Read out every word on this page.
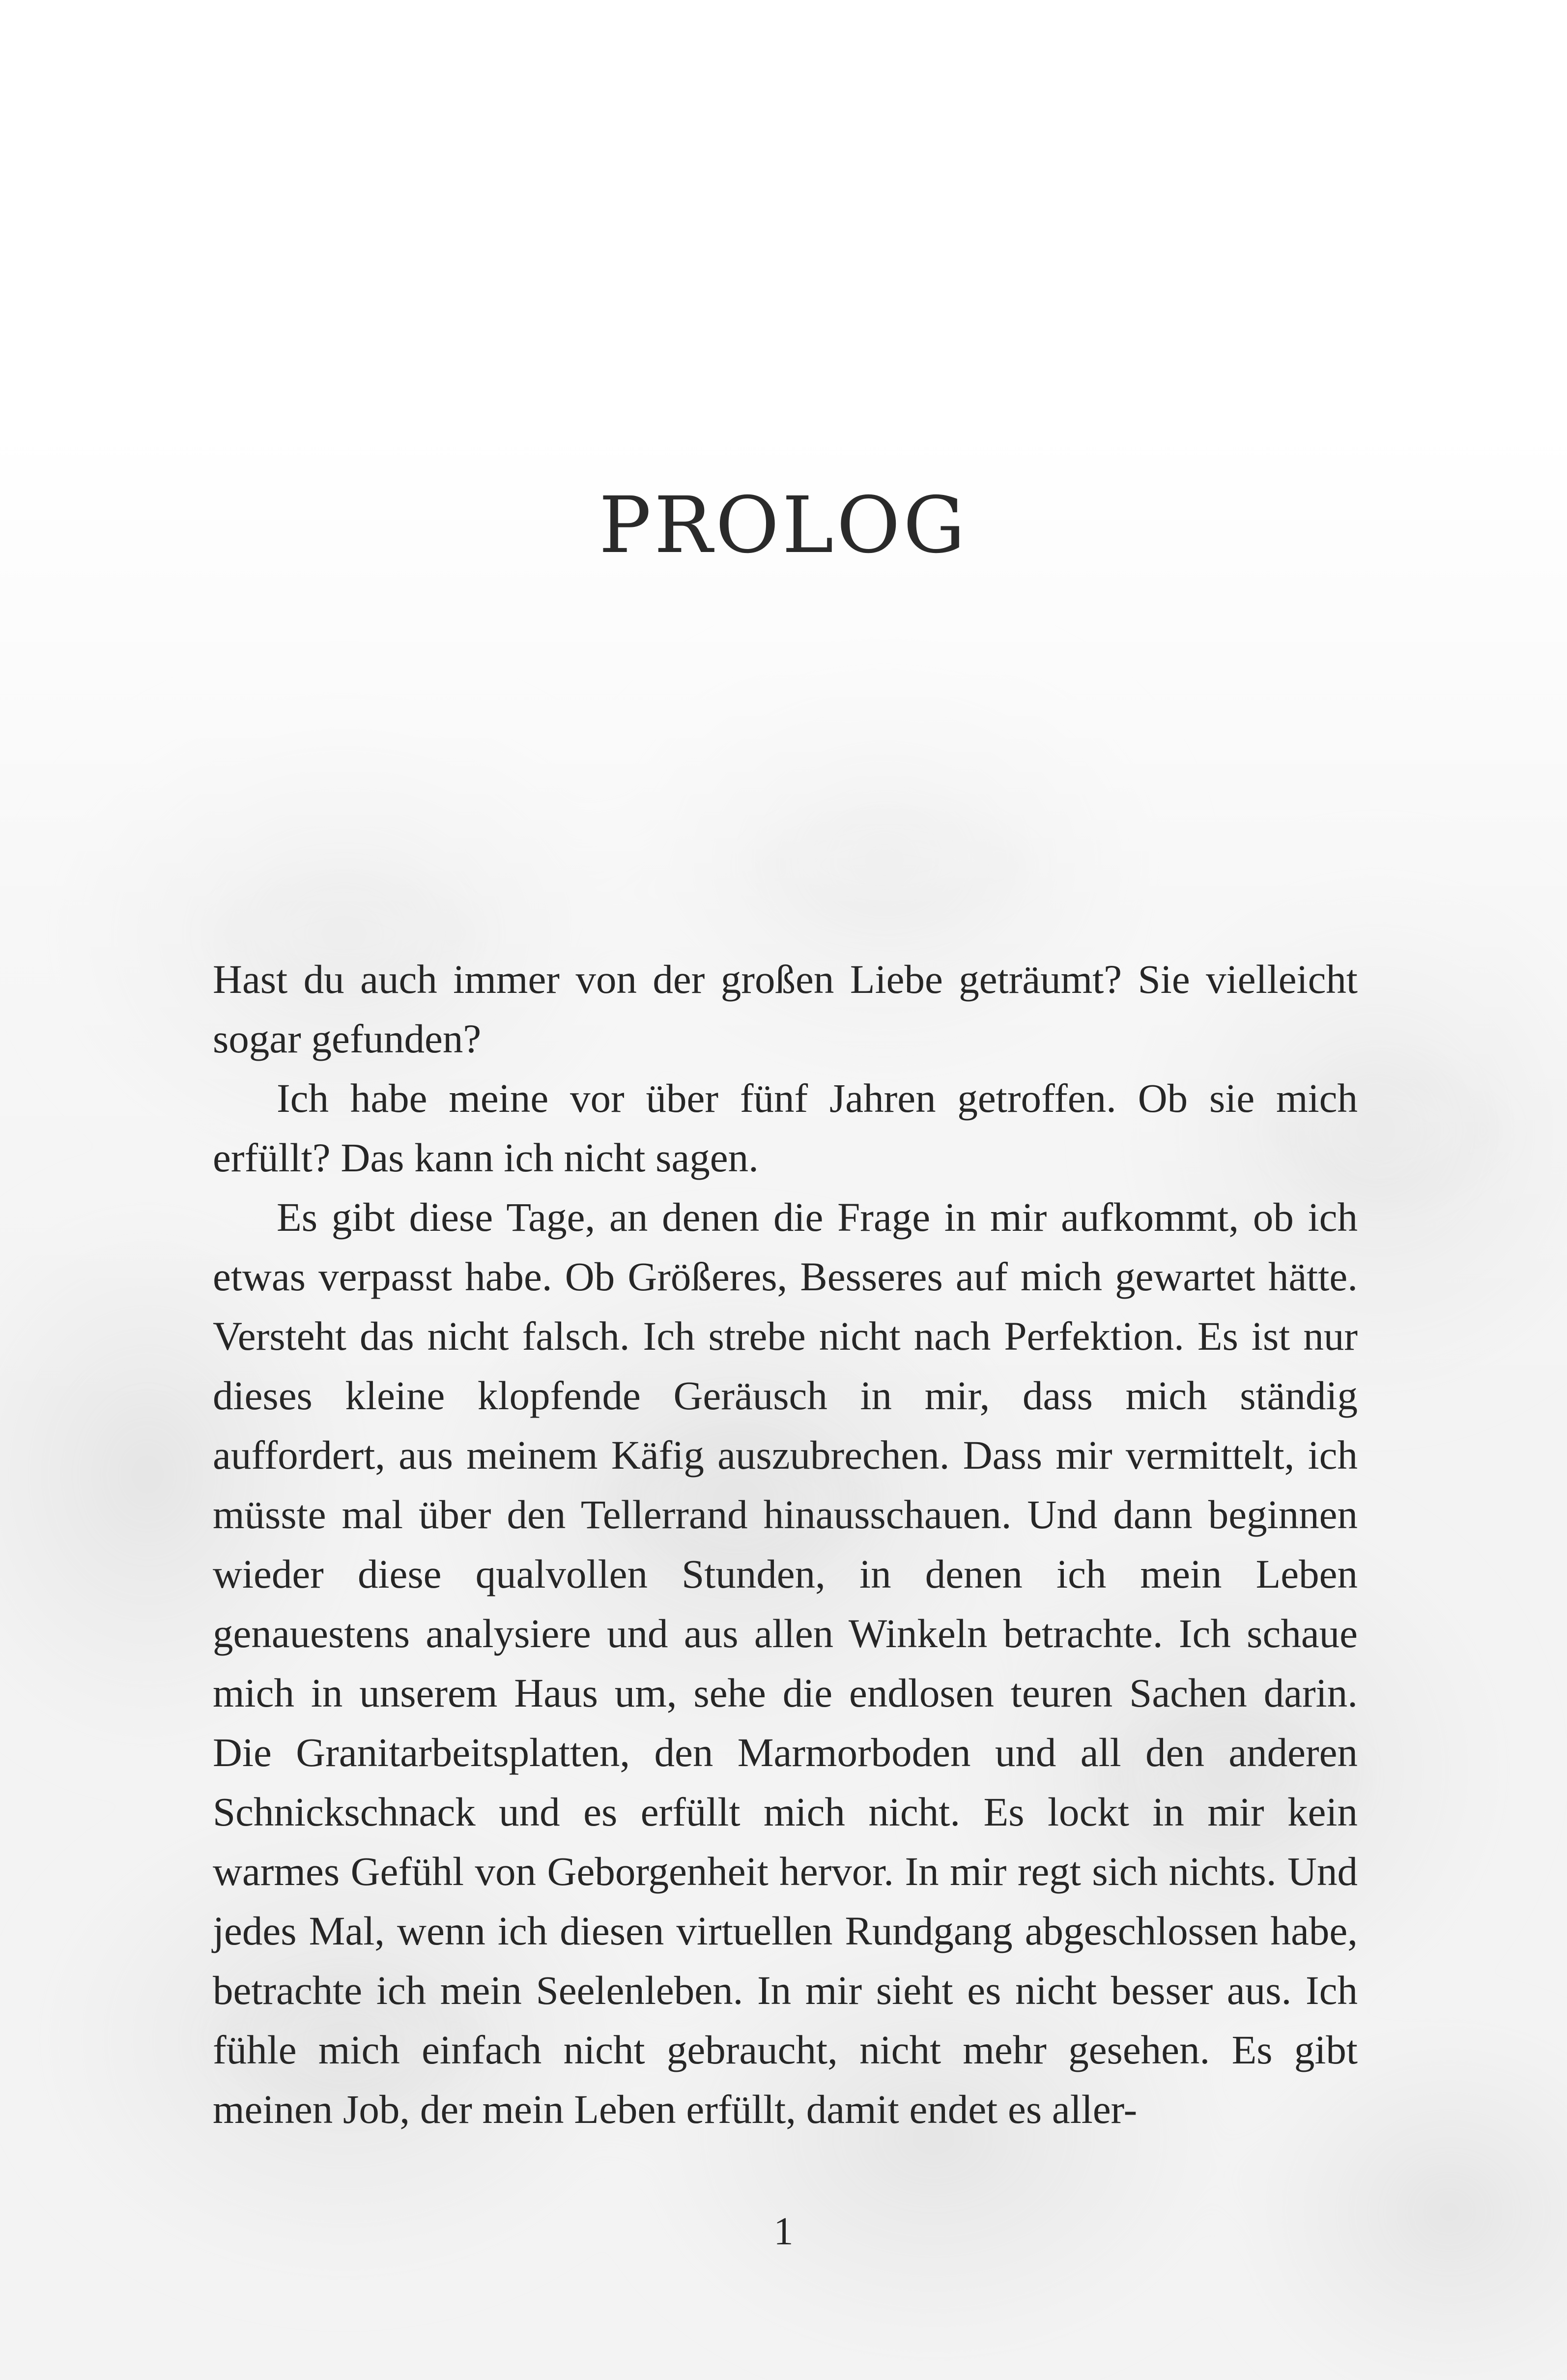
PROLOG

Hast du auch immer von der großen Liebe geträumt? Sie vielleicht sogar gefunden?

Ich habe meine vor über fünf Jahren getroffen. Ob sie mich erfüllt? Das kann ich nicht sagen.

Es gibt diese Tage, an denen die Frage in mir aufkommt, ob ich etwas verpasst habe. Ob Größeres, Besseres auf mich gewartet hätte. Versteht das nicht falsch. Ich strebe nicht nach Perfektion. Es ist nur dieses kleine klopfende Geräusch in mir, dass mich ständig auffordert, aus meinem Käfig auszubrechen. Dass mir vermittelt, ich müsste mal über den Tellerrand hinausschauen. Und dann beginnen wieder diese qualvollen Stunden, in denen ich mein Leben genauestens analysiere und aus allen Winkeln betrachte. Ich schaue mich in unserem Haus um, sehe die endlosen teuren Sachen darin. Die Granitarbeitsplatten, den Marmorboden und all den anderen Schnickschnack und es erfüllt mich nicht. Es lockt in mir kein warmes Gefühl von Geborgenheit hervor. In mir regt sich nichts. Und jedes Mal, wenn ich diesen virtuellen Rundgang abgeschlossen habe, betrachte ich mein Seelenleben. In mir sieht es nicht besser aus. Ich fühle mich einfach nicht gebraucht, nicht mehr gesehen. Es gibt meinen Job, der mein Leben erfüllt, damit endet es aller-

1
